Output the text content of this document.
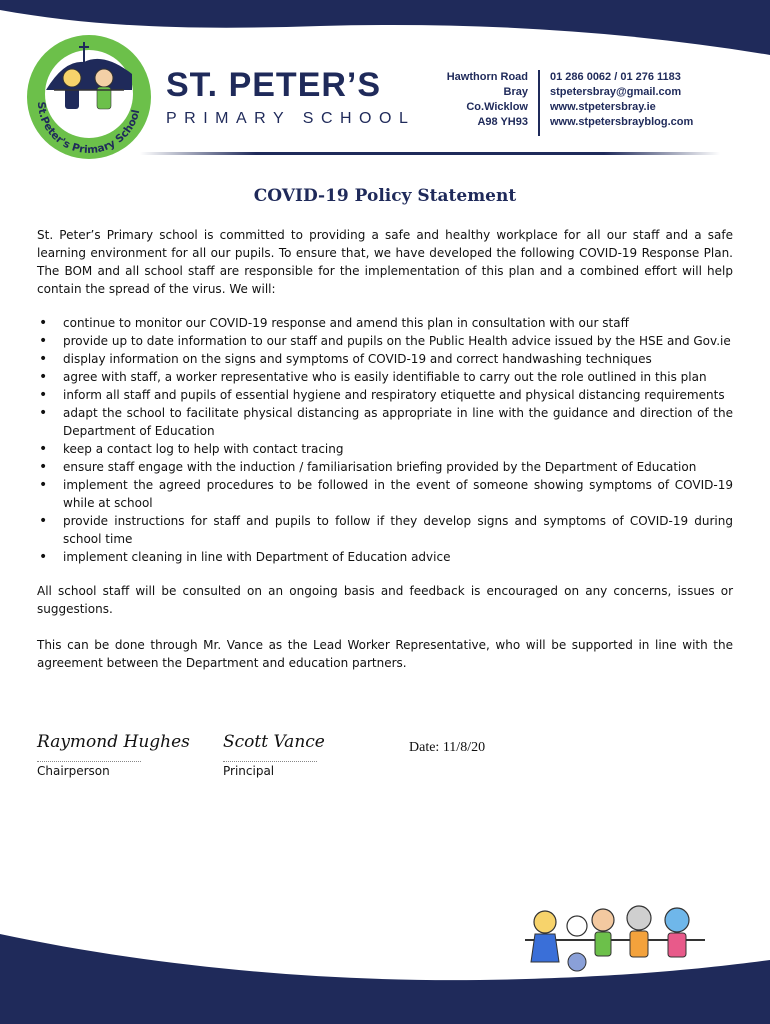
St.Peter's Primary School
ST. PETER’S
PRIMARY SCHOOL
Hawthorn Road
Bray
Co.Wicklow
A98 YH93
01 286 0062 / 01 276 1183
stpetersbray@gmail.com
www.stpetersbray.ie
www.stpetersbrayblog.com
COVID-19 Policy Statement

St. Peter’s Primary school is committed to providing a safe and healthy workplace for all our staff and a safe learning environment for all our pupils. To ensure that, we have developed the following COVID-19 Response Plan. The BOM and all school staff are responsible for the implementation of this plan and a combined effort will help contain the spread of the virus. We will:

• continue to monitor our COVID-19 response and amend this plan in consultation with our staff
• provide up to date information to our staff and pupils on the Public Health advice issued by the HSE and Gov.ie
• display information on the signs and symptoms of COVID-19 and correct handwashing techniques
• agree with staff, a worker representative who is easily identifiable to carry out the role outlined in this plan
• inform all staff and pupils of essential hygiene and respiratory etiquette and physical distancing requirements
• adapt the school to facilitate physical distancing as appropriate in line with the guidance and direction of the Department of Education
• keep a contact log to help with contact tracing
• ensure staff engage with the induction / familiarisation briefing provided by the Department of Education
• implement the agreed procedures to be followed in the event of someone showing symptoms of COVID-19 while at school
• provide instructions for staff and pupils to follow if they develop signs and symptoms of COVID-19 during school time
• implement cleaning in line with Department of Education advice

All school staff will be consulted on an ongoing basis and feedback is encouraged on any concerns, issues or suggestions.

This can be done through Mr. Vance as the Lead Worker Representative, who will be supported in line with the agreement between the Department and education partners.

Raymond Hughes
Chairperson
Scott Vance
Principal
Date: 11/8/20
